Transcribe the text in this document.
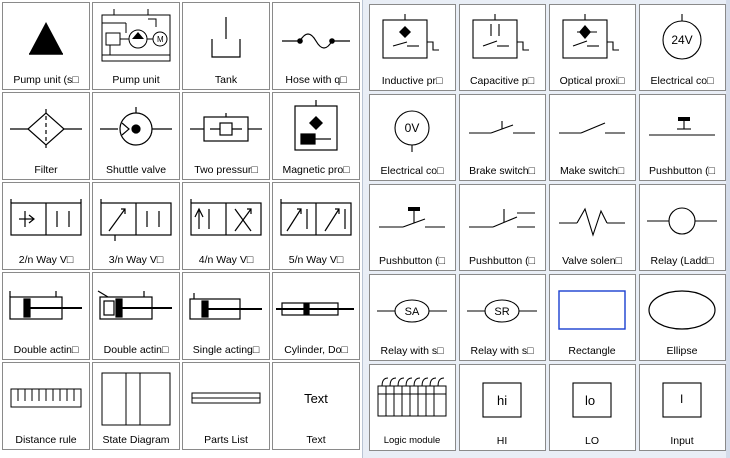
Pump unit (s□
M
Pump unit	Tank	Hose with q□
Filter	Shuttle valve	Two pressur□	Magnetic pro□
2/n Way V□	3/n Way V□	4/n Way V□	5/n Way V□
Double actin□	Double actin□	Single acting□	Cylinder, Do□
Distance rule	State Diagram	Parts List
Text
Text
Inductive pr□	Capacitive p□	Optical proxi□
24V
Electrical co□
0V
Electrical co□	Brake switch□	Make switch□	Pushbutton (□
Pushbutton (□	Pushbutton (□	Valve solen□	Relay (Ladd□
SA
Relay with s□
SR
Relay with s□	Rectangle	Ellipse
Logic module
hi
HI
lo
LO
I
Input
